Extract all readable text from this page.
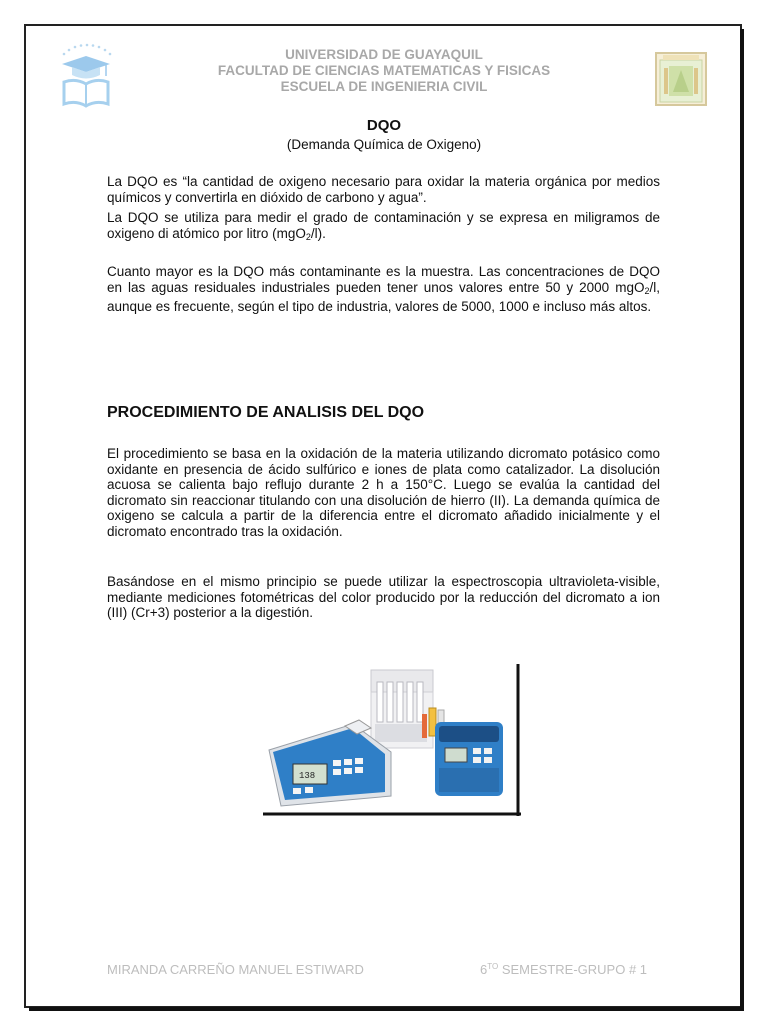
UNIVERSIDAD DE GUAYAQUIL
FACULTAD DE CIENCIAS MATEMATICAS Y FISICAS
ESCUELA DE INGENIERIA CIVIL
DQO
(Demanda Química de Oxigeno)

La DQO es “la cantidad de oxigeno necesario para oxidar la materia orgánica por medios químicos y convertirla en dióxido de carbono y agua”.

La DQO se utiliza para medir el grado de contaminación y se expresa en miligramos de oxigeno di atómico por litro (mgO$_2$/l).

Cuanto mayor es la DQO más contaminante es la muestra. Las concentraciones de DQO en las aguas residuales industriales pueden tener unos valores entre 50 y 2000 mgO$_2$/l, aunque es frecuente, según el tipo de industria, valores de 5000, 1000 e incluso más altos.

PROCEDIMIENTO DE ANALISIS DEL DQO

El procedimiento se basa en la oxidación de la materia utilizando dicromato potásico como oxidante en presencia de ácido sulfúrico e iones de plata como catalizador. La disolución acuosa se calienta bajo reflujo durante 2 h a 150°C. Luego se evalúa la cantidad del dicromato sin reaccionar titulando con una disolución de hierro (II). La demanda química de oxigeno se calcula a partir de la diferencia entre el dicromato añadido inicialmente y el dicromato encontrado tras la oxidación.

Basándose en el mismo principio se puede utilizar la espectroscopia ultravioleta-visible, mediante mediciones fotométricas del color producido por la reducción del dicromato a ion (III) (Cr+3) posterior a la digestión.

138
MIRANDA CARREÑO MANUEL ESTIWARD	$6^{TO}$ SEMESTRE-GRUPO # 1
